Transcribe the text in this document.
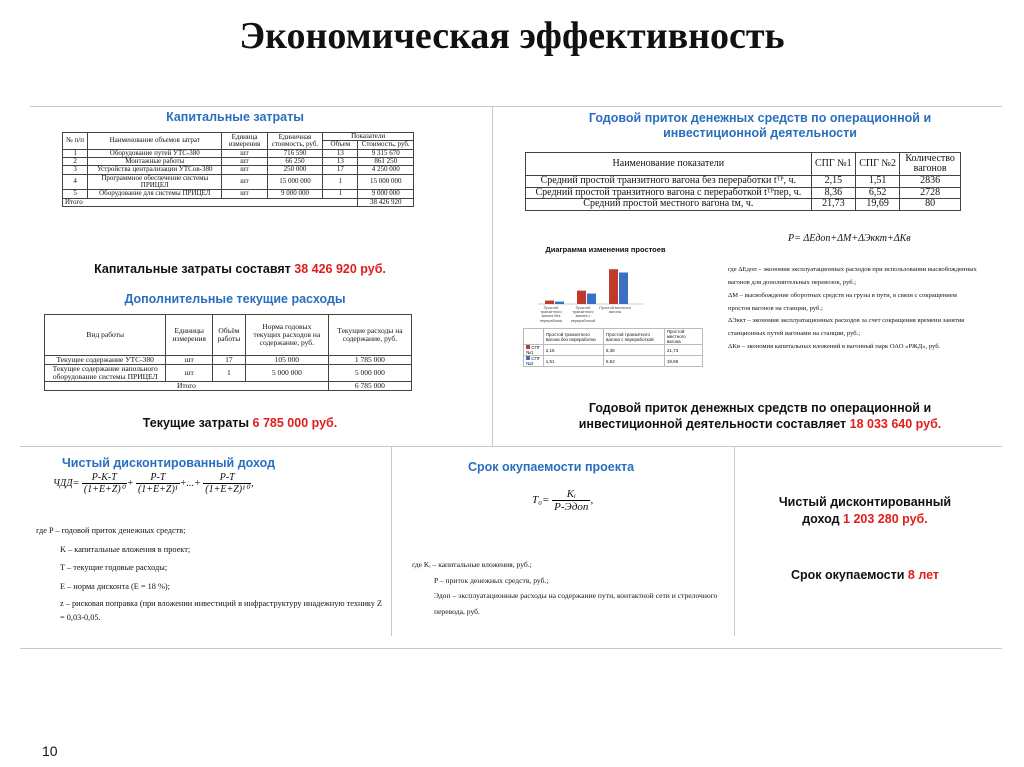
Экономическая эффективность
Капитальные затраты
№ п/п	Наименование объемов затрат	Единица измерения	Единичная стоимость, руб.	Показатели	
				Объем	Стоимость, руб.
1	Оборудование путей УТС-380	шт	716 590	13	9 315 670
2	Монтажные работы	шт	66 250	13	861 250
3	Устройства централизации УТСов-380	шт	250 000	17	4 250 000
4	Программное обеспечение системы ПРИЦЕЛ	шт	15 000 000	1	15 000 000
5	Оборудование для системы ПРИЦЕЛ	шт	9 000 000	1	9 000 000
Итого					38 426 920
Капитальные затраты составят 38 426 920 руб.
Дополнительные текущие расходы
Вид работы	Единицы измерения	Объём работы	Норма годовых текущих расходов на содержание, руб.	Текущие расходы на содержание, руб.
Текущее содержание УТС-380	шт	17	105 000	1 785 000
Текущее содержание напольного оборудование системы ПРИЦЕЛ	шт	1	5 000 000	5 000 000
Итого				6 785 000
Текущие затраты 6 785 000 руб.
Годовой приток денежных средств по операционной и
инвестиционной деятельности
Наименование показатели	СПГ №1	СПГ №2	Количество вагонов
Средний простой транзитного вагона без переработки tᵀᴾ, ч.	2,15	1,51	2836
Средний простой транзитного вагона с переработкой tᵀᴾпер, ч.	8,36	6,52	2728
Средний простой местного вагона tм, ч.	21,73	19,69	80
P= ΔEдоп+ΔM+ΔЭккт+ΔKв
Диаграмма изменения простоев
Простой транзитного вагона без переработки
Простой транзитного вагона с переработкой
Простой местного вагона
	Простой транзитного вагона без переработки	Простой транзитного вагона с переработкой	Простой местного вагона
СПГ №1	2,15	8,36	21,73
СПГ №2	1,51	6,52	19,69
где ΔEдоп – экономия эксплуатационных расходов при использовании высвобожденных вагонов для дополнительных перевозок, руб.;
ΔM – высвобождение оборотных средств на грузы в пути, в связи с сокращением простоя вагонов на станции, руб.;
ΔЭккт – экономия эксплуатационных расходов за счет сокращения времени занятия станционных путей вагонами на станции, руб.;
ΔKв – экономия капитальных вложений в вагонный парк ОАО «РЖД», руб.
Годовой приток денежных средств по операционной и
инвестиционной деятельности составляет 18 033 640 руб.
Чистый дисконтированный доход
$ЧДД= \frac{P-K-T}{\text{(1+E+Z)⁰}} + \frac{P-T}{\text{(1+E+Z)¹}}$ +...+ $\frac{P-T}{\text{(1+E+Z)¹⁰}}$ ,
где P – годовой приток денежных средств;
K – капитальные вложения в проект;
T – текущие годовые расходы;
E – норма дисконта (E = 18 %);
z – рисковая поправка (при вложении инвестиций в инфраструктуру инадежную технику Z = 0,03-0,05.
Срок окупаемости проекта
$T_0= \frac{\text{Kᵢ}}{\text{P-Эдоп}}$ ,
где Kᵢ – капитальные вложения, руб.;
P – приток денежных средств, руб.;
Эдоп – эксплуатационные расходы на содержание пути, контактной сети и стрелочного перевода, руб.
Чистый дисконтированный
доход 1 203 280 руб.
Срок окупаемости 8 лет
10
